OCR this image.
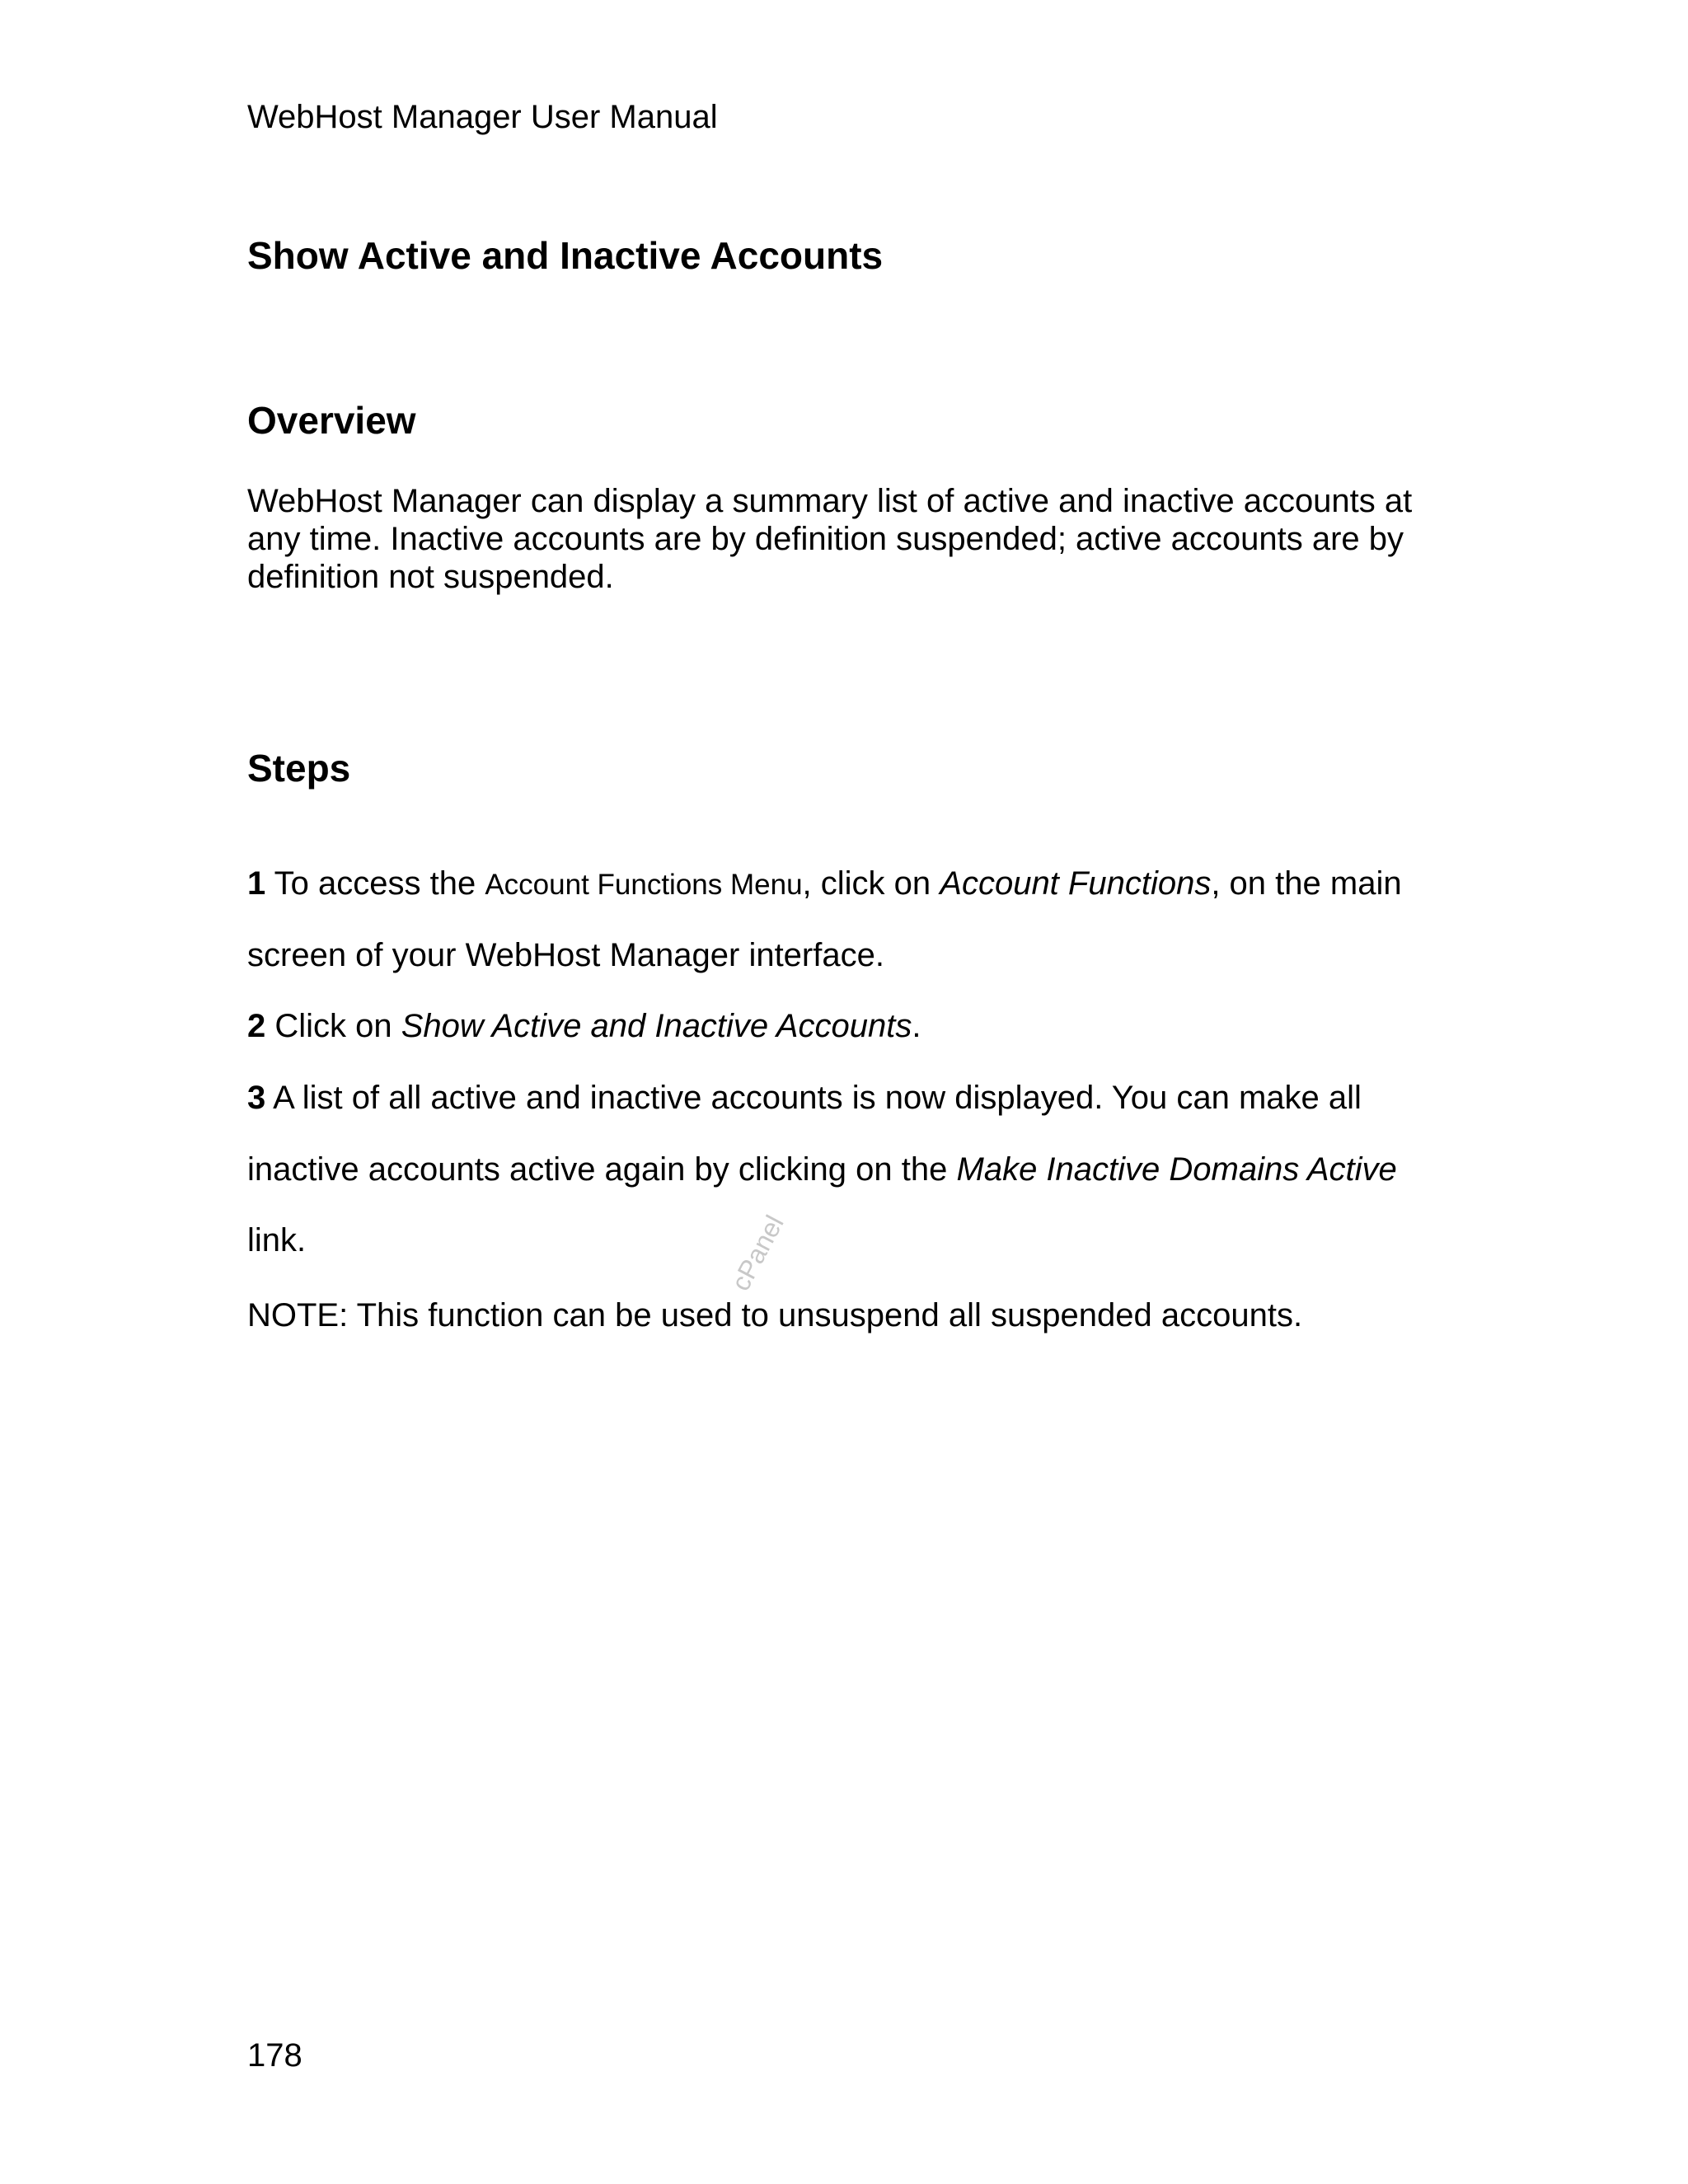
WebHost Manager User Manual

Show Active and Inactive Accounts
Overview

WebHost Manager can display a summary list of active and inactive accounts at any time. Inactive accounts are by definition suspended; active accounts are by definition not suspended.

Steps

1 To access the Account Functions Menu, click on Account Functions, on the main

screen of your WebHost Manager interface.

2 Click on Show Active and Inactive Accounts.

3 A list of all active and inactive accounts is now displayed. You can make all

inactive accounts active again by clicking on the Make Inactive Domains Active

link.

NOTE: This function can be used to unsuspend all suspended accounts.

cPanel

178
